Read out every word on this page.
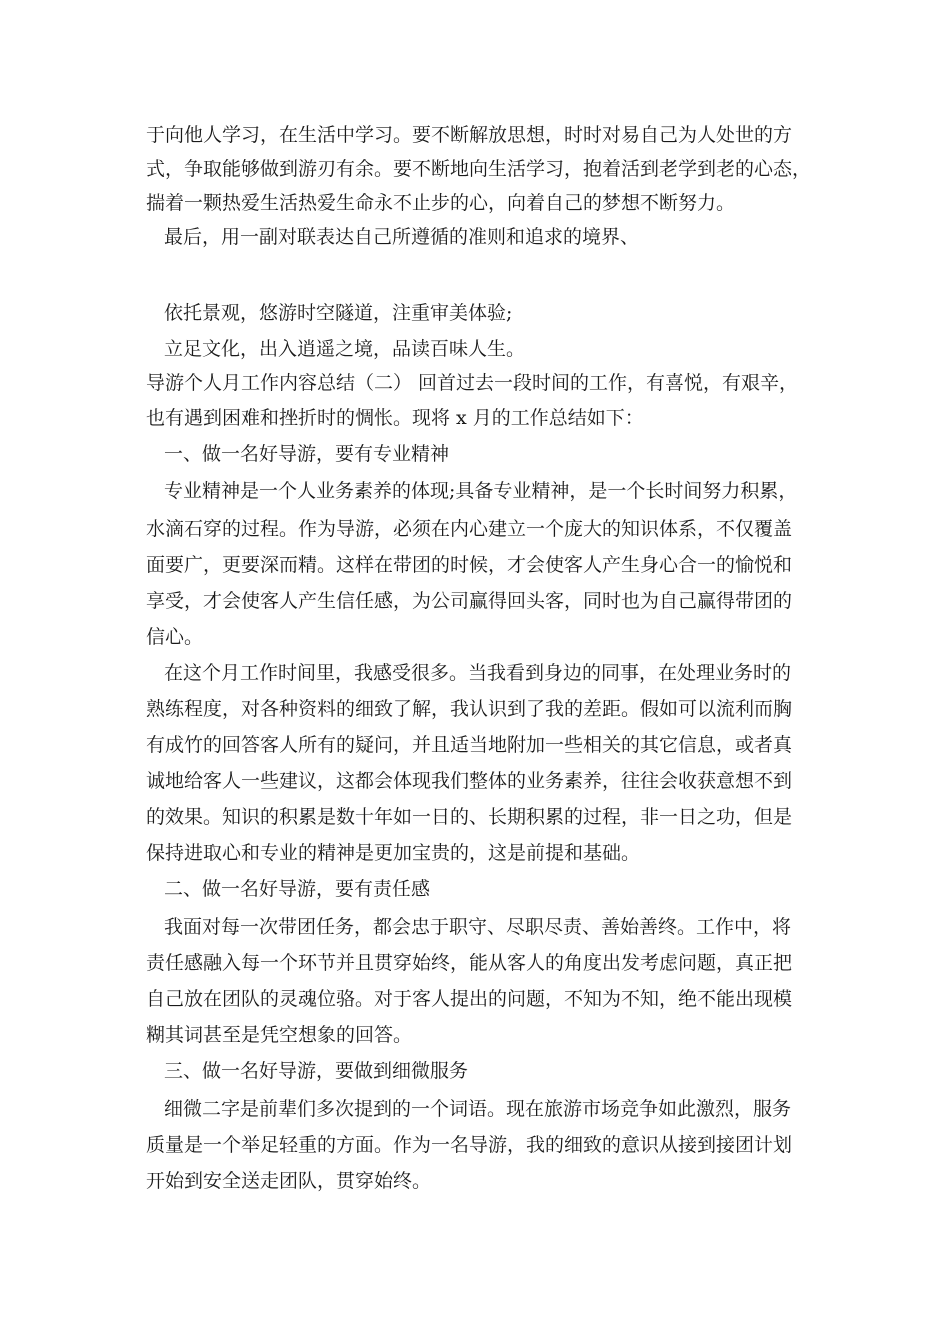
于向他人学习，在生活中学习。要不断解放思想，时时对易自己为人处世的方
式，争取能够做到游刃有余。要不断地向生活学习，抱着活到老学到老的心态，
揣着一颗热爱生活热爱生命永不止步的心，向着自己的梦想不断努力。
最后，用一副对联表达自己所遵循的准则和追求的境界、
依托景观，悠游时空隧道，注重审美体验;
立足文化，出入逍遥之境，品读百味人生。
导游个人月工作内容总结（二） 回首过去一段时间的工作，有喜悦，有艰辛，
也有遇到困难和挫折时的惆怅。现将 x 月的工作总结如下：
一、做一名好导游，要有专业精神
专业精神是一个人业务素养的体现;具备专业精神，是一个长时间努力积累，
水滴石穿的过程。作为导游，必须在内心建立一个庞大的知识体系，不仅覆盖
面要广，更要深而精。这样在带团的时候，才会使客人产生身心合一的愉悦和
享受，才会使客人产生信任感，为公司赢得回头客，同时也为自己赢得带团的
信心。
在这个月工作时间里，我感受很多。当我看到身边的同事，在处理业务时的
熟练程度，对各种资料的细致了解，我认识到了我的差距。假如可以流利而胸
有成竹的回答客人所有的疑问，并且适当地附加一些相关的其它信息，或者真
诚地给客人一些建议，这都会体现我们整体的业务素养，往往会收获意想不到
的效果。知识的积累是数十年如一日的、长期积累的过程，非一日之功，但是
保持进取心和专业的精神是更加宝贵的，这是前提和基础。
二、做一名好导游，要有责任感
我面对每一次带团任务，都会忠于职守、尽职尽责、善始善终。工作中，将
责任感融入每一个环节并且贯穿始终，能从客人的角度出发考虑问题，真正把
自己放在团队的灵魂位骆。对于客人提出的问题，不知为不知，绝不能出现模
糊其词甚至是凭空想象的回答。
三、做一名好导游，要做到细微服务
细微二字是前辈们多次提到的一个词语。现在旅游市场竞争如此激烈，服务
质量是一个举足轻重的方面。作为一名导游，我的细致的意识从接到接团计划
开始到安全送走团队，贯穿始终。
